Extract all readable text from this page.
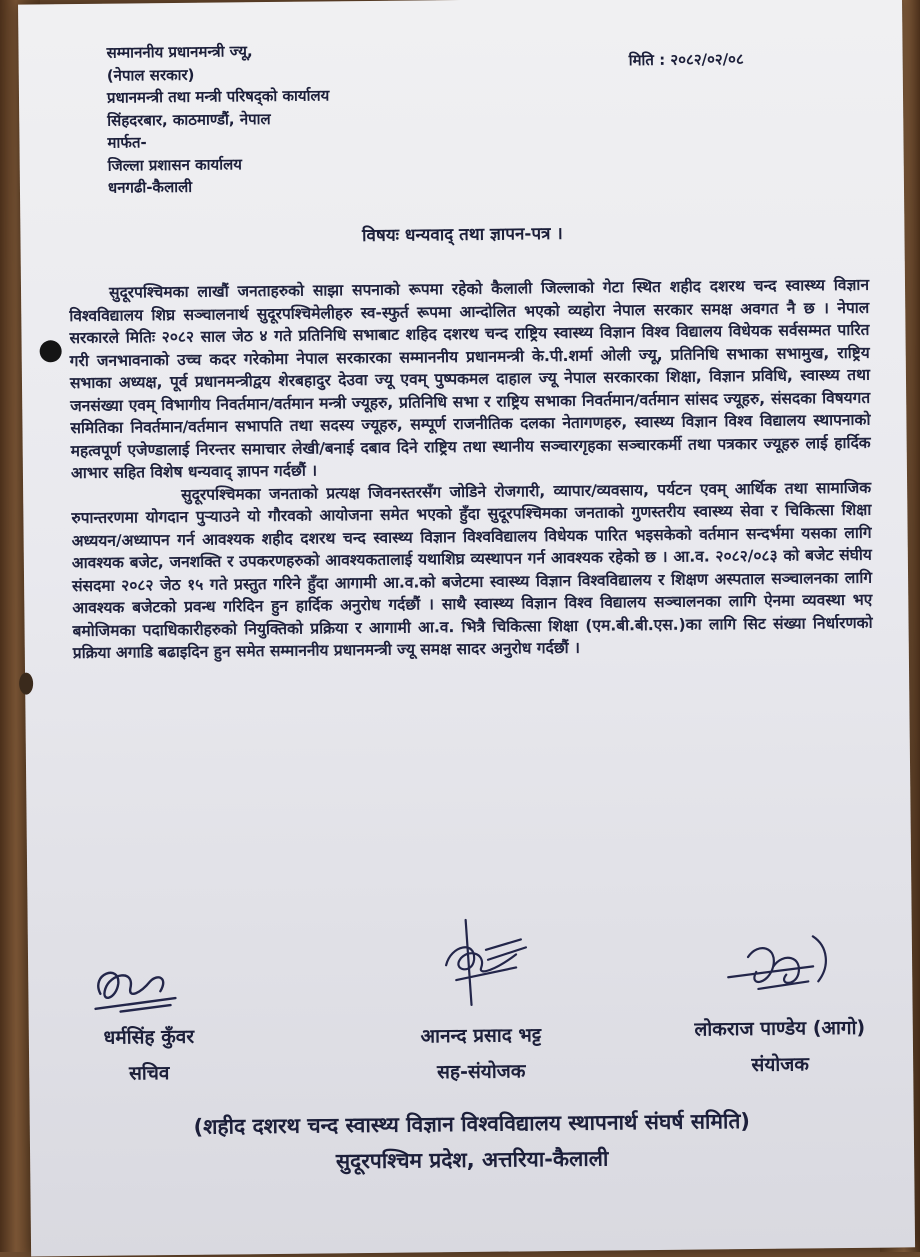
सम्माननीय प्रधानमन्त्री ज्यू,
(नेपाल सरकार)
प्रधानमन्त्री तथा मन्त्री परिषद्को कार्यालय
सिंहदरबार, काठमाण्डौं, नेपाल
मार्फत-
जिल्ला प्रशासन कार्यालय
धनगढी-कैलाली
मिति : २०८२/०२/०८
विषयः धन्यवाद् तथा ज्ञापन-पत्र ।

सुदूरपश्चिमका लाखौं जनताहरुको साझा सपनाको रूपमा रहेको कैलाली जिल्लाको गेटा स्थित शहीद दशरथ चन्द स्वास्थ्य विज्ञान विश्वविद्यालय शिघ्र सञ्चालनार्थ सुदूरपश्चिमेलीहरु स्व-स्फुर्त रूपमा आन्दोलित भएको व्यहोरा नेपाल सरकार समक्ष अवगत नै छ । नेपाल सरकारले मितिः २०८२ साल जेठ ४ गते प्रतिनिधि सभाबाट शहिद दशरथ चन्द राष्ट्रिय स्वास्थ्य विज्ञान विश्व विद्यालय विधेयक सर्वसम्मत पारित गरी जनभावनाको उच्च कदर गरेकोमा नेपाल सरकारका सम्माननीय प्रधानमन्त्री के.पी.शर्मा ओली ज्यू, प्रतिनिधि सभाका सभामुख, राष्ट्रिय सभाका अध्यक्ष, पूर्व प्रधानमन्त्रीद्वय शेरबहादुर देउवा ज्यू एवम् पुष्पकमल दाहाल ज्यू नेपाल सरकारका शिक्षा, विज्ञान प्रविधि, स्वास्थ्य तथा जनसंख्या एवम् विभागीय निवर्तमान/वर्तमान मन्त्री ज्यूहरु, प्रतिनिधि सभा र राष्ट्रिय सभाका निवर्तमान/वर्तमान सांसद ज्यूहरु, संसदका विषयगत समितिका निवर्तमान/वर्तमान सभापति तथा सदस्य ज्यूहरु, सम्पूर्ण राजनीतिक दलका नेतागणहरु, स्वास्थ्य विज्ञान विश्व विद्यालय स्थापनाको महत्वपूर्ण एजेण्डालाई निरन्तर समाचार लेखी/बनाई दबाव दिने राष्ट्रिय तथा स्थानीय सञ्चारगृहका सञ्चारकर्मी तथा पत्रकार ज्यूहरु लाई हार्दिक आभार सहित विशेष धन्यवाद् ज्ञापन गर्दछौं ।

सुदूरपश्चिमका जनताको प्रत्यक्ष जिवनस्तरसँग जोडिने रोजगारी, व्यापार/व्यवसाय, पर्यटन एवम् आर्थिक तथा सामाजिक रुपान्तरणमा योगदान पुऱ्याउने यो गौरवको आयोजना समेत भएको हुँदा सुदूरपश्चिमका जनताको गुणस्तरीय स्वास्थ्य सेवा र चिकित्सा शिक्षा अध्ययन/अध्यापन गर्न आवश्यक शहीद दशरथ चन्द स्वास्थ्य विज्ञान विश्वविद्यालय विधेयक पारित भइसकेको वर्तमान सन्दर्भमा यसका लागि आवश्यक बजेट, जनशक्ति र उपकरणहरुको आवश्यकतालाई यथाशिघ्र व्यस्थापन गर्न आवश्यक रहेको छ । आ.व. २०८२/०८३ को बजेट संघीय संसदमा २०८२ जेठ १५ गते प्रस्तुत गरिने हुँदा आगामी आ.व.को बजेटमा स्वास्थ्य विज्ञान विश्वविद्यालय र शिक्षण अस्पताल सञ्चालनका लागि आवश्यक बजेटको प्रवन्ध गरिदिन हुन हार्दिक अनुरोध गर्दछौं । साथै स्वास्थ्य विज्ञान विश्व विद्यालय सञ्चालनका लागि ऐनमा व्यवस्था भए बमोजिमका पदाधिकारीहरुको नियुक्तिको प्रक्रिया र आगामी आ.व. भित्रै चिकित्सा शिक्षा (एम.बी.बी.एस.)का लागि सिट संख्या निर्धारणको प्रक्रिया अगाडि बढाइदिन हुन समेत सम्माननीय प्रधानमन्त्री ज्यू समक्ष सादर अनुरोध गर्दछौं ।

धर्मसिंह कुँवर
सचिव
आनन्द प्रसाद भट्ट
सह-संयोजक
लोकराज पाण्डेय (आगो)
संयोजक
(शहीद दशरथ चन्द स्वास्थ्य विज्ञान विश्वविद्यालय स्थापनार्थ संघर्ष समिति)
सुदूरपश्चिम प्रदेश, अत्तरिया-कैलाली
